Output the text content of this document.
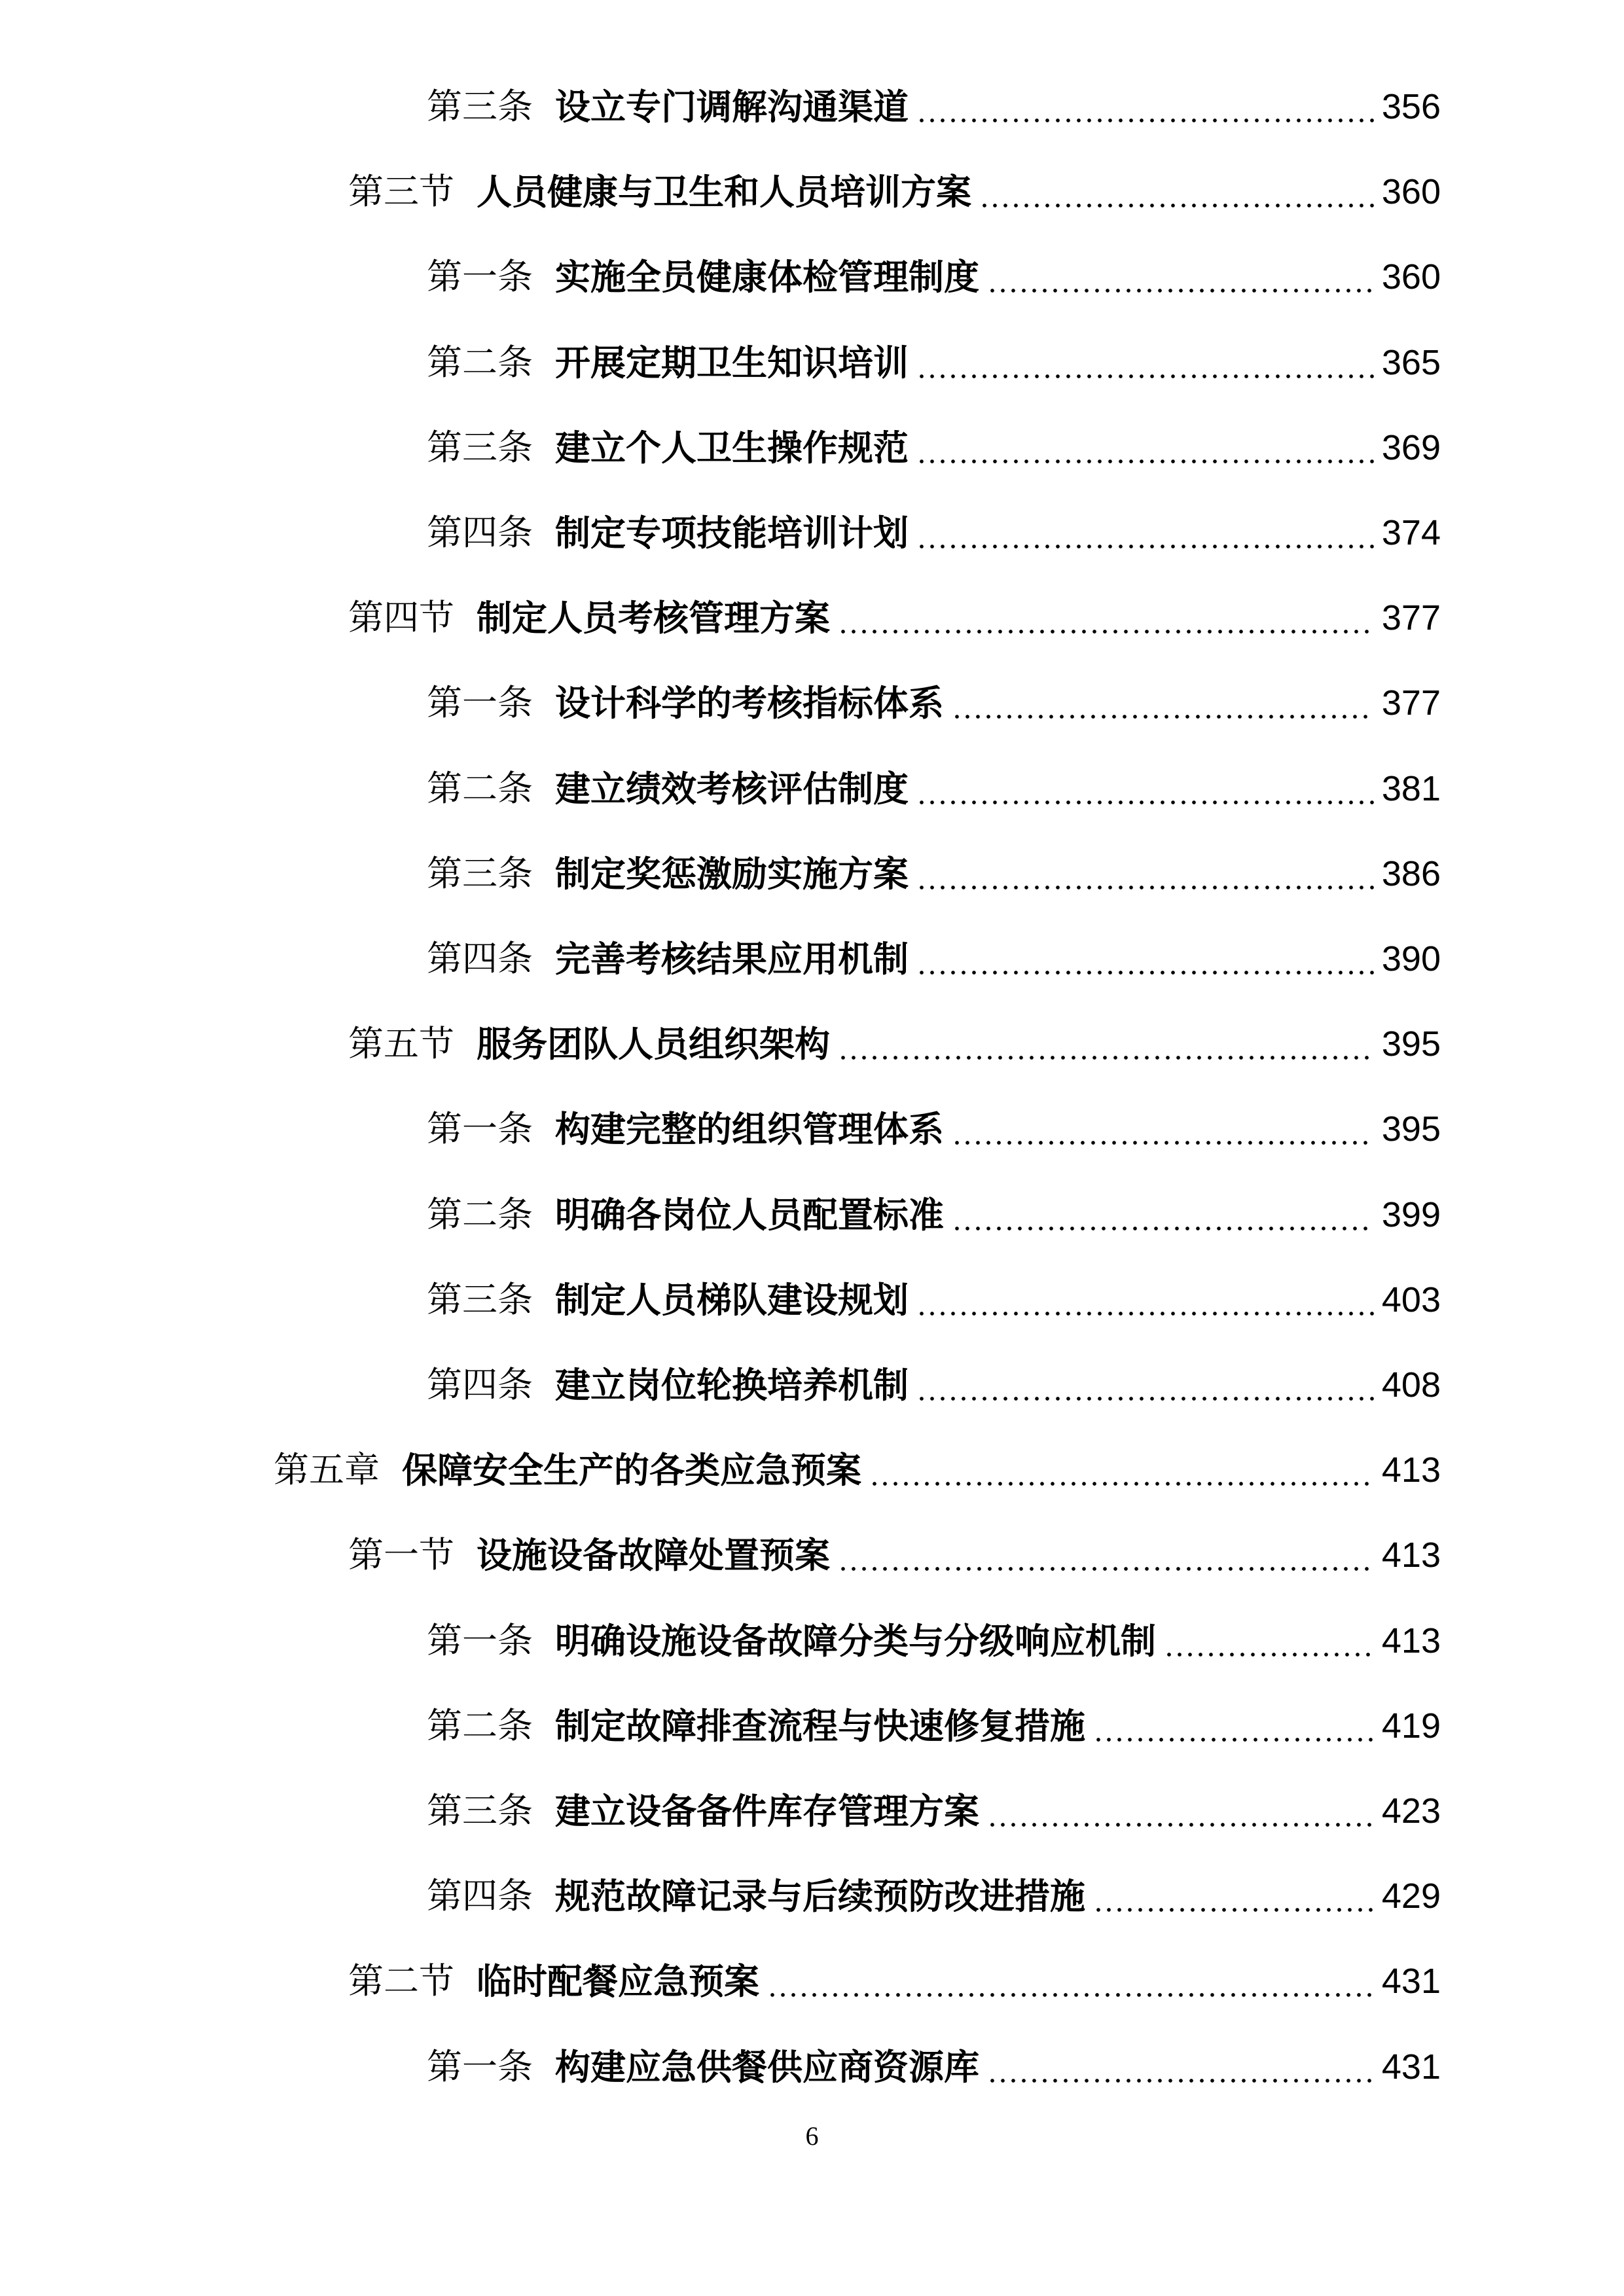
第三条 设立专门调解沟通渠道	356
第三节 人员健康与卫生和人员培训方案	360
第一条 实施全员健康体检管理制度	360
第二条 开展定期卫生知识培训	365
第三条 建立个人卫生操作规范	369
第四条 制定专项技能培训计划	374
第四节 制定人员考核管理方案	377
第一条 设计科学的考核指标体系	377
第二条 建立绩效考核评估制度	381
第三条 制定奖惩激励实施方案	386
第四条 完善考核结果应用机制	390
第五节 服务团队人员组织架构	395
第一条 构建完整的组织管理体系	395
第二条 明确各岗位人员配置标准	399
第三条 制定人员梯队建设规划	403
第四条 建立岗位轮换培养机制	408
第五章 保障安全生产的各类应急预案	413
第一节 设施设备故障处置预案	413
第一条 明确设施设备故障分类与分级响应机制	413
第二条 制定故障排查流程与快速修复措施	419
第三条 建立设备备件库存管理方案	423
第四条 规范故障记录与后续预防改进措施	429
第二节 临时配餐应急预案	431
第一条 构建应急供餐供应商资源库	431
6
